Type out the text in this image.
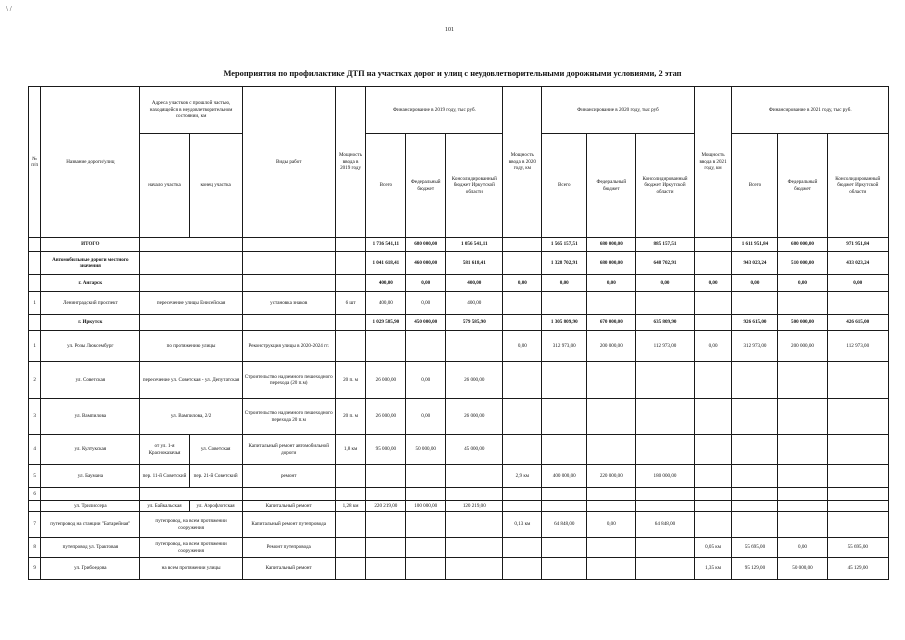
\ /
101
Мероприятия по профилактике ДТП на участках дорог и улиц с неудовлетворительными дорожными условиями, 2 этап
№ п/п	Название дороги/улиц	Адреса участков с прошлой частью, находящейся в неудовлетворительном состоянии, км		Виды работ	Мощность ввода в 2019 году	Финансирование в 2019 году, тыс руб.			Мощность ввода в 2020 году, км	Финансирование в 2020 году, тыс руб			Мощность ввода в 2021 году, км	Финансирование в 2021 году, тыс руб.		
		начало участка	конец участка			Всего	Федеральный бюджет	Консолидированный бюджет Иркутской области		Всего	Федеральный бюджет	Консолидированный бюджет Иркутской области		Всего	Федеральный бюджет	Консолидированный бюджет Иркутской области
	ИТОГО					1 736 541,11	680 000,00	1 056 541,11		1 565 157,51	680 000,00	885 157,51		1 611 951,84	680 000,00	971 951,84
	Автомобильные дороги местного значения					1 041 618,41	460 000,00	581 618,41		1 328 702,91	680 000,00	648 702,91		943 023,24	510 000,00	433 023,24
	г. Ангарск					400,00	0,00	400,00	0,00	0,00	0,00	0,00	0,00	0,00	0,00	0,00
1	Ленинградский проспект	пересечение улицы Енисейская		установка знаков	6 шт	400,00	0,00	400,00								
	г. Иркутск					1 029 585,90	450 000,00	579 585,90		1 305 809,90	670 000,00	635 809,90		926 615,00	500 000,00	426 615,00
1	ул. Розы Люксембург	по протяжению улицы		Реконструкция улицы в 2020-2024 гг.					0,00	312 973,00	200 000,00	112 973,00	0,00	312 973,00	200 000,00	112 973,00
2	ул. Советская	пересечение ул. Советская - ул. Депутатская		Строительство надземного пешеходного перехода (20 п.м)	20 п. м	26 000,00	0,00	26 000,00								
3	ул. Вампилова	ул. Вампилова, 2/2		Строительство надземного пешеходного перехода 20 п.м	20 п. м	26 000,00	0,00	26 000,00								
4	ул. Култукская	от ул. 1-я Красноказачья	ул. Советская	Капитальный ремонт автомобильной дороги	1,8 км	95 000,00	50 000,00	45 000,00								
5	ул. Баумана	пер. 11-й Советский	пер. 21-й Советский	ремонт					2,9 км	400 000,00	220 000,00	180 000,00				
6																
	ул. Трилиссера	ул. Байкальская	ул. Аэрофлотская	Капитальный ремонт	1,28 км	220 219,00	100 000,00	120 219,00								
7	путепровод на станции "Батарейная"	путепровод, на всем протяжении сооружения		Капитальный ремонт путепровода					0,13 км	64 848,00	0,00	64 848,00				
8	путепровод ул. Трактовая	путепровод, на всем протяжении сооружения		Ремонт путепровода									0,05 км	55 695,00	0,00	55 695,00
9	ул. Грибоедова	на всем протяжении улицы		Капитальный ремонт									1,35 км	95 129,00	50 000,00	45 129,00
